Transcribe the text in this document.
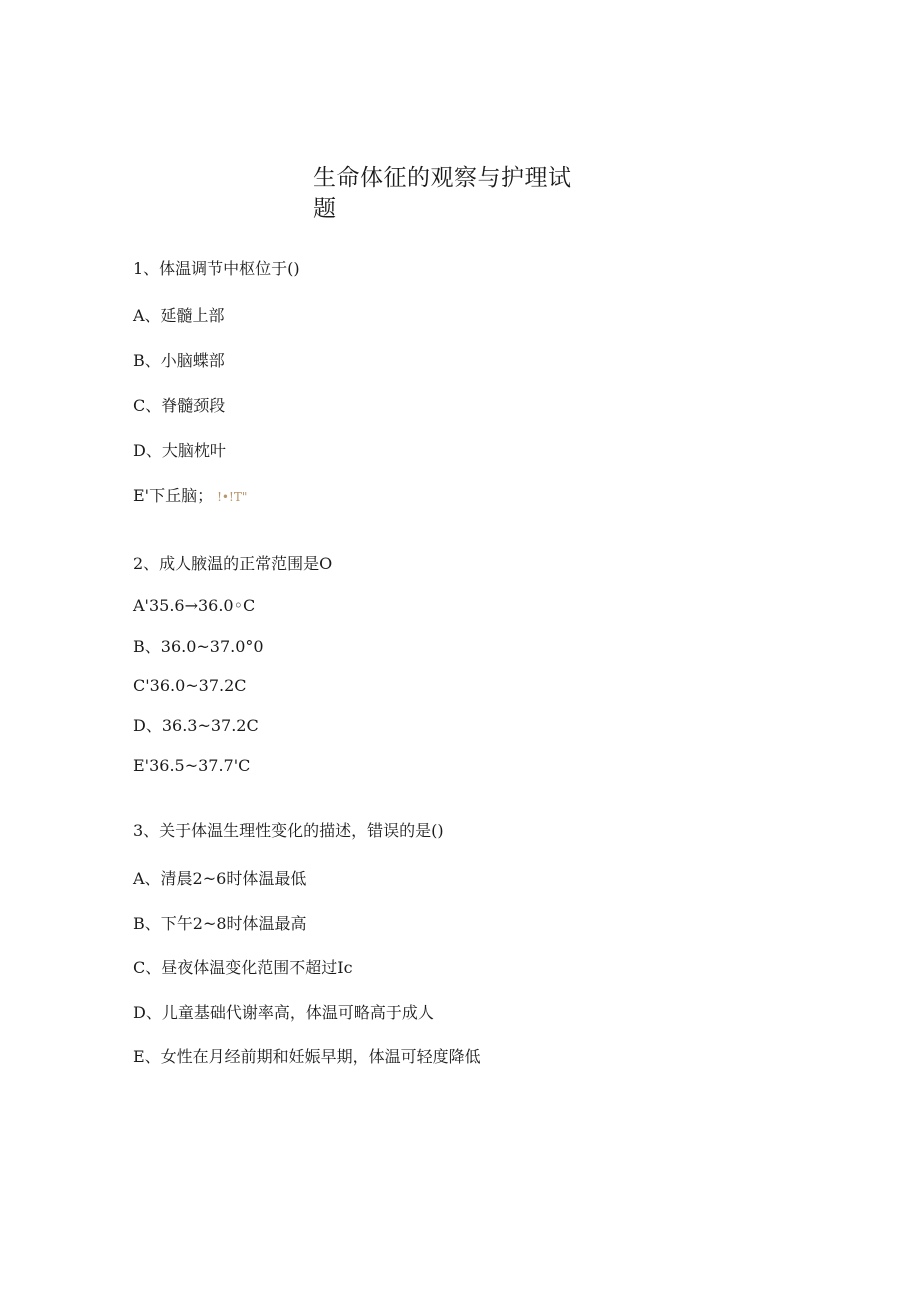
生命体征的观察与护理试
题

1、体温调节中枢位于()

A、延髓上部

B、小脑蝶部

C、脊髓颈段

D、大脑枕叶

E'下丘脑； !•!T"

2、成人腋温的正常范围是O

A'35.6→36.0◦C

B、36.0~37.0°0

C'36.0~37.2C

D、36.3~37.2C

E'36.5~37.7'C

3、关于体温生理性变化的描述，错误的是()

A、清晨2~6时体温最低

B、下午2~8时体温最高

C、昼夜体温变化范围不超过Ic

D、儿童基础代谢率高，体温可略高于成人

E、女性在月经前期和妊娠早期，体温可轻度降低
